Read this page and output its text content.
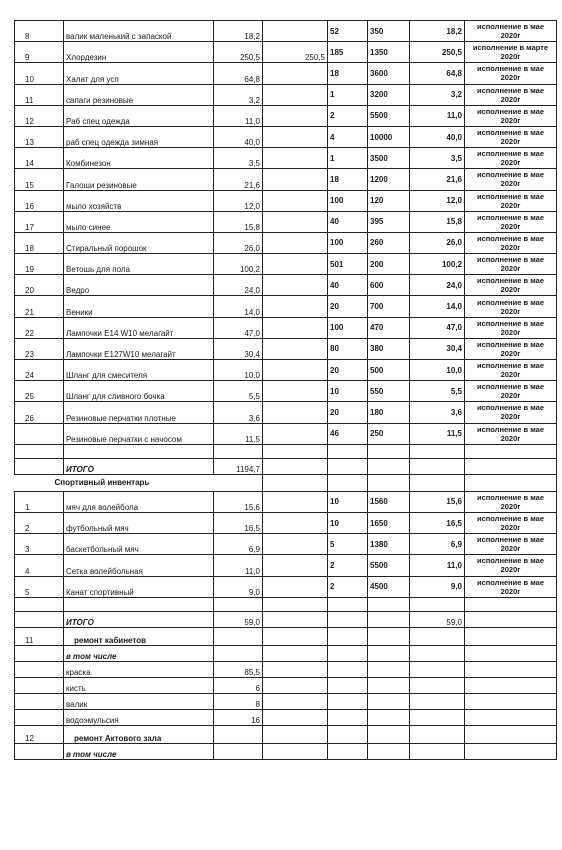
8	валик маленький с запаской	18,2		52	350	18,2	исполнение в мае 2020г
9	Хлордезин	250,5	250,5	185	1350	250,5	исполнение в марте 2020г
10	Халат для усп	64,8		18	3600	64,8	исполнение в мае 2020г
11	сапаги резиновые	3,2		1	3200	3,2	исполнение в мае 2020г
12	Раб спец одежда	11,0		2	5500	11,0	исполнение в мае 2020г
13	раб спец одежда зимная	40,0		4	10000	40,0	исполнение в мае 2020г
14	Комбинезон	3,5		1	3500	3,5	исполнение в мае 2020г
15	Галоши резиновые	21,6		18	1200	21,6	исполнение в мае 2020г
16	мыло хозяйств	12,0		100	120	12,0	исполнение в мае 2020г
17	мыло синее	15,8		40	395	15,8	исполнение в мае 2020г
18	Стиральный порошок	26,0		100	260	26,0	исполнение в мае 2020г
19	Ветошь для пола	100,2		501	200	100,2	исполнение в мае 2020г
20	Ведро	24,0		40	600	24,0	исполнение в мае 2020г
21	Веники	14,0		20	700	14,0	исполнение в мае 2020г
22	Лампочки E14 W10 мелагайт	47,0		100	470	47,0	исполнение в мае 2020г
23	Лампочки E127W10 мелагайт	30,4		80	380	30,4	исполнение в мае 2020г
24	Шланг для смесителя	10,0		20	500	10,0	исполнение в мае 2020г
25	Шланг для сливного бочка	5,5		10	550	5,5	исполнение в мае 2020г
26	Резиновые перчатки плотные	3,6		20	180	3,6	исполнение в мае 2020г
	Резиновые перчатки с начосом	11,5		46	250	11,5	исполнение в мае 2020г

	ИТОГО	1194,7					
Спортивный инвентарь							
1	мяч для волейбола	15,6		10	1560	15,6	исполнение в мае 2020г
2	футбольный мяч	16,5		10	1650	16,5	исполнение в мае 2020г
3	баскетбольный мяч	6,9		5	1380	6,9	исполнение в мае 2020г
4	Сетка волейбольная	11,0		2	5500	11,0	исполнение в мае 2020г
5	Канат спортивный	9,0		2	4500	9,0	исполнение в мае 2020г

	ИТОГО	59,0				59,0	
11	ремонт кабинетов						
	в том числе						
	краска	85,5					
	кисть	6					
	валик	8					
	водоэмульсия	16					
12	ремонт Актового зала						
	в том числе						
